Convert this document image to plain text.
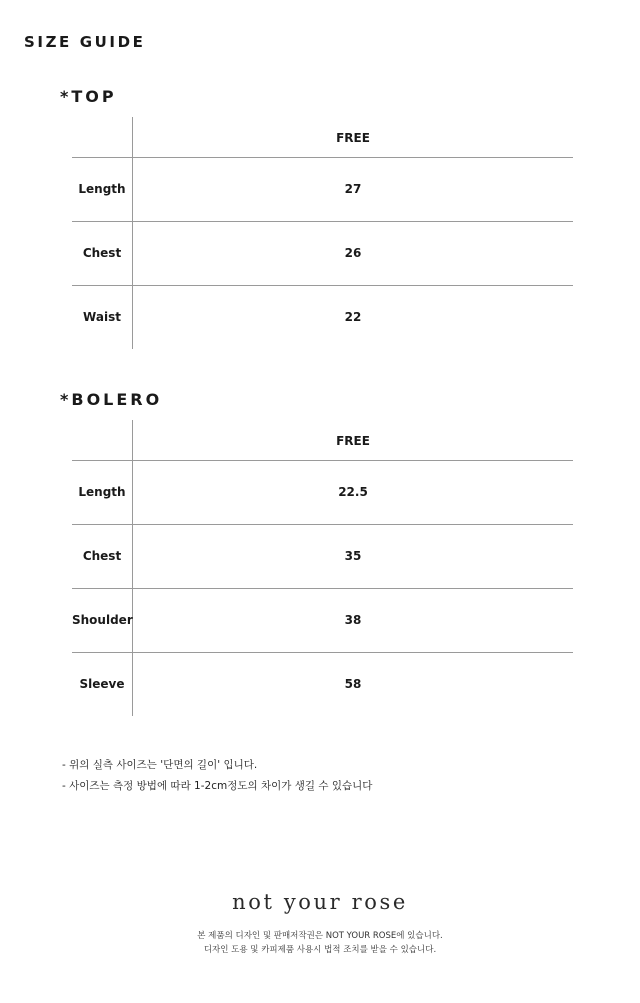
SIZE GUIDE
*TOP
FREE
Length	27
Chest	26
Waist	22
*BOLERO
FREE
Length	22.5
Chest	35
Shoulder	38
Sleeve	58
- 위의 실측 사이즈는 '단면의 길이' 입니다.
- 사이즈는 측정 방법에 따라 1-2cm정도의 차이가 생길 수 있습니다
not your rose
본 제품의 디자인 및 판매저작권은 NOT YOUR ROSE에 있습니다.
디자인 도용 및 카피제품 사용시 법적 조치를 받을 수 있습니다.
